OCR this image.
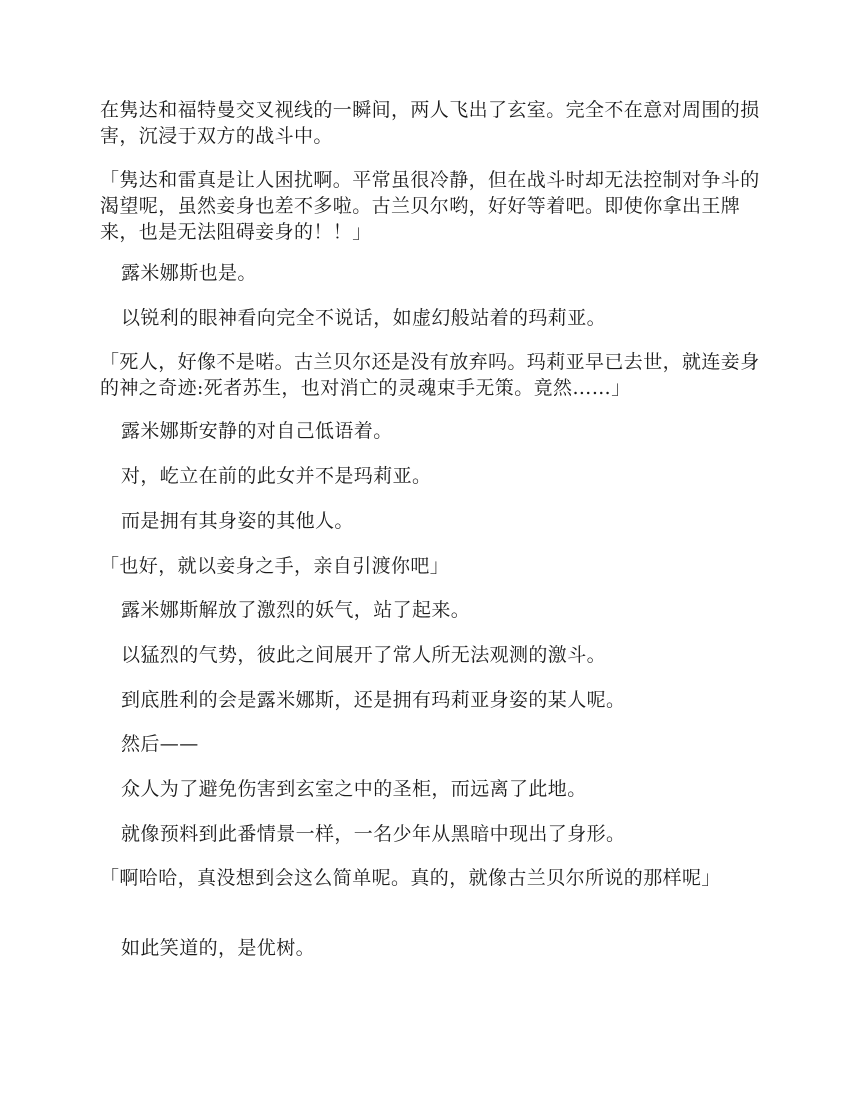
在隽达和福特曼交叉视线的一瞬间，两人飞出了玄室。完全不在意对周围的损害，沉浸于双方的战斗中。
「隽达和雷真是让人困扰啊。平常虽很冷静，但在战斗时却无法控制对争斗的渴望呢，虽然妾身也差不多啦。古兰贝尔哟，好好等着吧。即使你拿出王牌来，也是无法阻碍妾身的！！」
露米娜斯也是。
以锐利的眼神看向完全不说话，如虚幻般站着的玛莉亚。
「死人，好像不是喏。古兰贝尔还是没有放弃吗。玛莉亚早已去世，就连妾身的神之奇迹:死者苏生，也对消亡的灵魂束手无策。竟然……」
露米娜斯安静的对自己低语着。
对，屹立在前的此女并不是玛莉亚。
而是拥有其身姿的其他人。
「也好，就以妾身之手，亲自引渡你吧」
露米娜斯解放了激烈的妖气，站了起来。
以猛烈的气势，彼此之间展开了常人所无法观测的激斗。
到底胜利的会是露米娜斯，还是拥有玛莉亚身姿的某人呢。
然后——
众人为了避免伤害到玄室之中的圣柜，而远离了此地。
就像预料到此番情景一样，一名少年从黑暗中现出了身形。
「啊哈哈，真没想到会这么简单呢。真的，就像古兰贝尔所说的那样呢」
如此笑道的，是优树。
